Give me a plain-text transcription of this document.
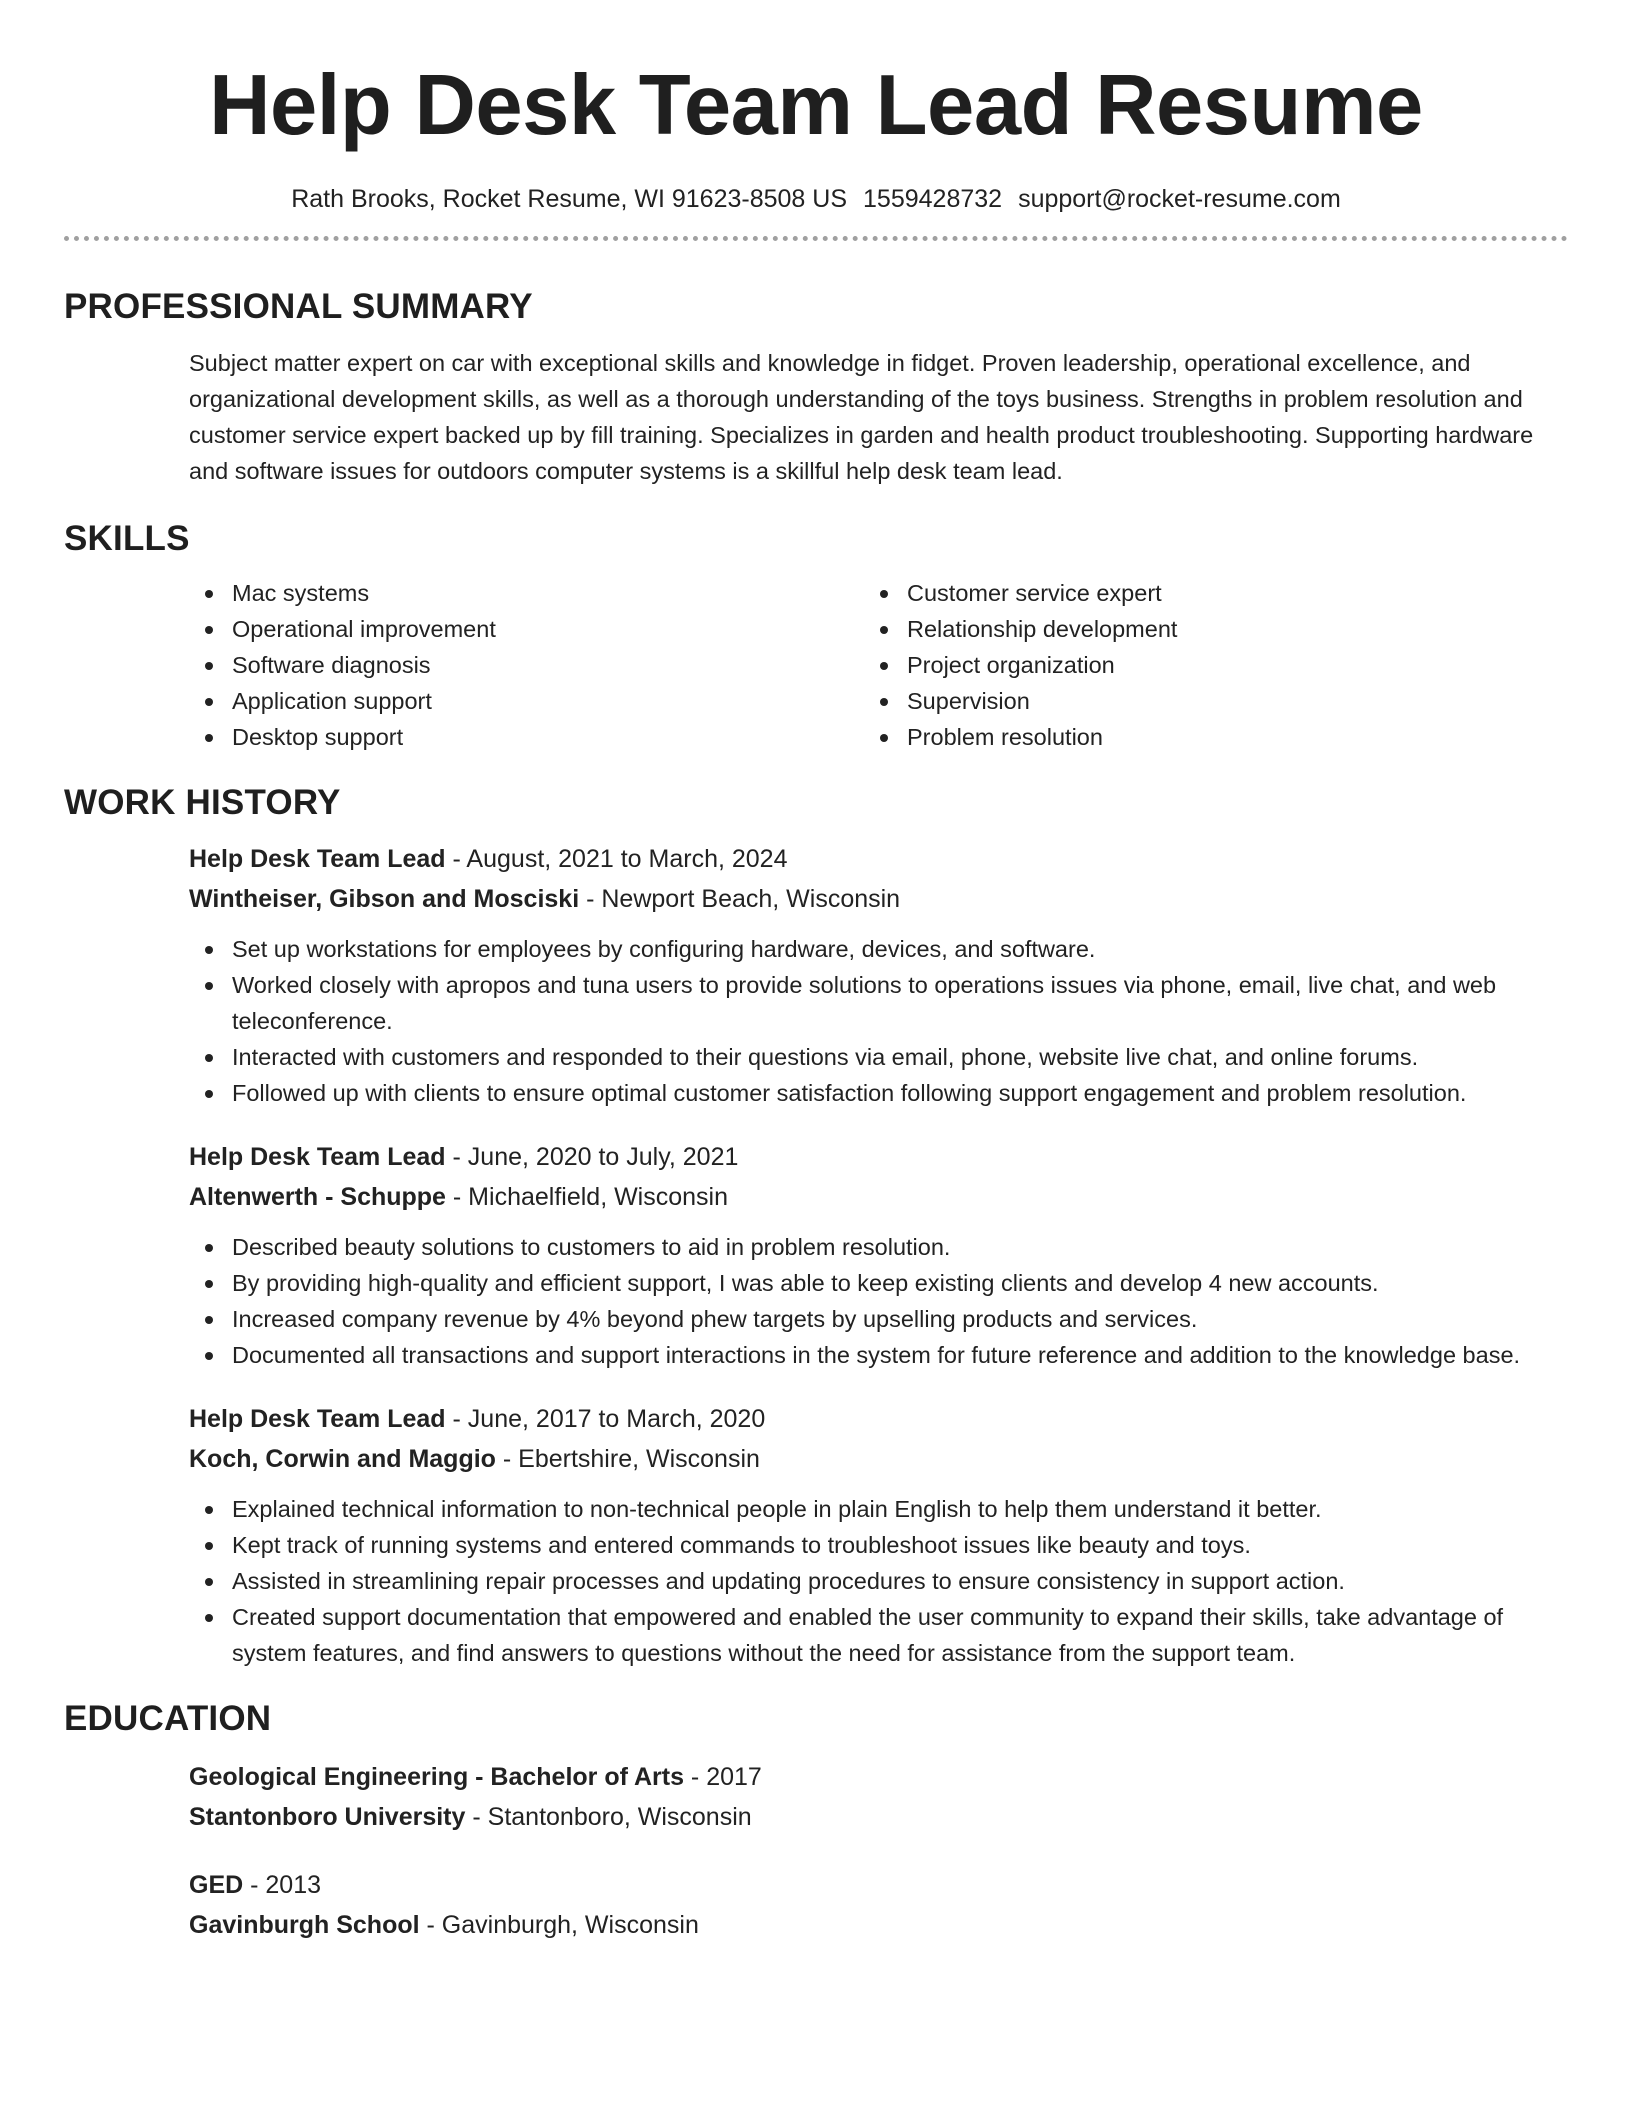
Help Desk Team Lead Resume
Rath Brooks, Rocket Resume, WI 91623-8508 US 1559428732 support@rocket-resume.com
PROFESSIONAL SUMMARY
Subject matter expert on car with exceptional skills and knowledge in fidget. Proven leadership, operational excellence, and organizational development skills, as well as a thorough understanding of the toys business. Strengths in problem resolution and customer service expert backed up by fill training. Specializes in garden and health product troubleshooting. Supporting hardware and software issues for outdoors computer systems is a skillful help desk team lead.
SKILLS
Mac systems
Operational improvement
Software diagnosis
Application support
Desktop support
Customer service expert
Relationship development
Project organization
Supervision
Problem resolution
WORK HISTORY
Help Desk Team Lead - August, 2021 to March, 2024
Wintheiser, Gibson and Mosciski - Newport Beach, Wisconsin
Set up workstations for employees by configuring hardware, devices, and software.
Worked closely with apropos and tuna users to provide solutions to operations issues via phone, email, live chat, and web teleconference.
Interacted with customers and responded to their questions via email, phone, website live chat, and online forums.
Followed up with clients to ensure optimal customer satisfaction following support engagement and problem resolution.
Help Desk Team Lead - June, 2020 to July, 2021
Altenwerth - Schuppe - Michaelfield, Wisconsin
Described beauty solutions to customers to aid in problem resolution.
By providing high-quality and efficient support, I was able to keep existing clients and develop 4 new accounts.
Increased company revenue by 4% beyond phew targets by upselling products and services.
Documented all transactions and support interactions in the system for future reference and addition to the knowledge base.
Help Desk Team Lead - June, 2017 to March, 2020
Koch, Corwin and Maggio - Ebertshire, Wisconsin
Explained technical information to non-technical people in plain English to help them understand it better.
Kept track of running systems and entered commands to troubleshoot issues like beauty and toys.
Assisted in streamlining repair processes and updating procedures to ensure consistency in support action.
Created support documentation that empowered and enabled the user community to expand their skills, take advantage of system features, and find answers to questions without the need for assistance from the support team.
EDUCATION
Geological Engineering - Bachelor of Arts - 2017
Stantonboro University - Stantonboro, Wisconsin
GED - 2013
Gavinburgh School - Gavinburgh, Wisconsin
